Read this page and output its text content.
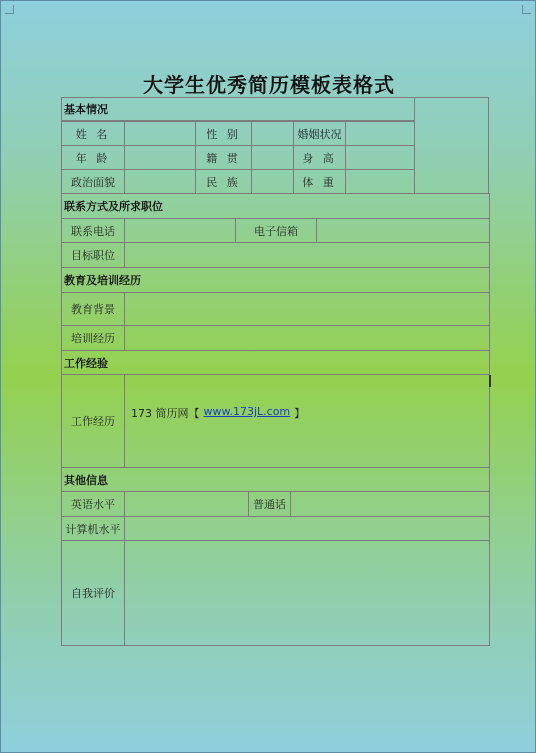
大学生优秀简历模板表格式
基本情况
姓 名	性 别	婚姻状况
年 龄	籍 贯	身 高
政治面貌	民 族	体 重
联系方式及所求职位
联系电话	电子信箱
目标职位
教育及培训经历
教育背景
培训经历
工作经验
工作经历
173 简历网【 www.173jL.com 】
其他信息
英语水平	普通话
计算机水平
自我评价
